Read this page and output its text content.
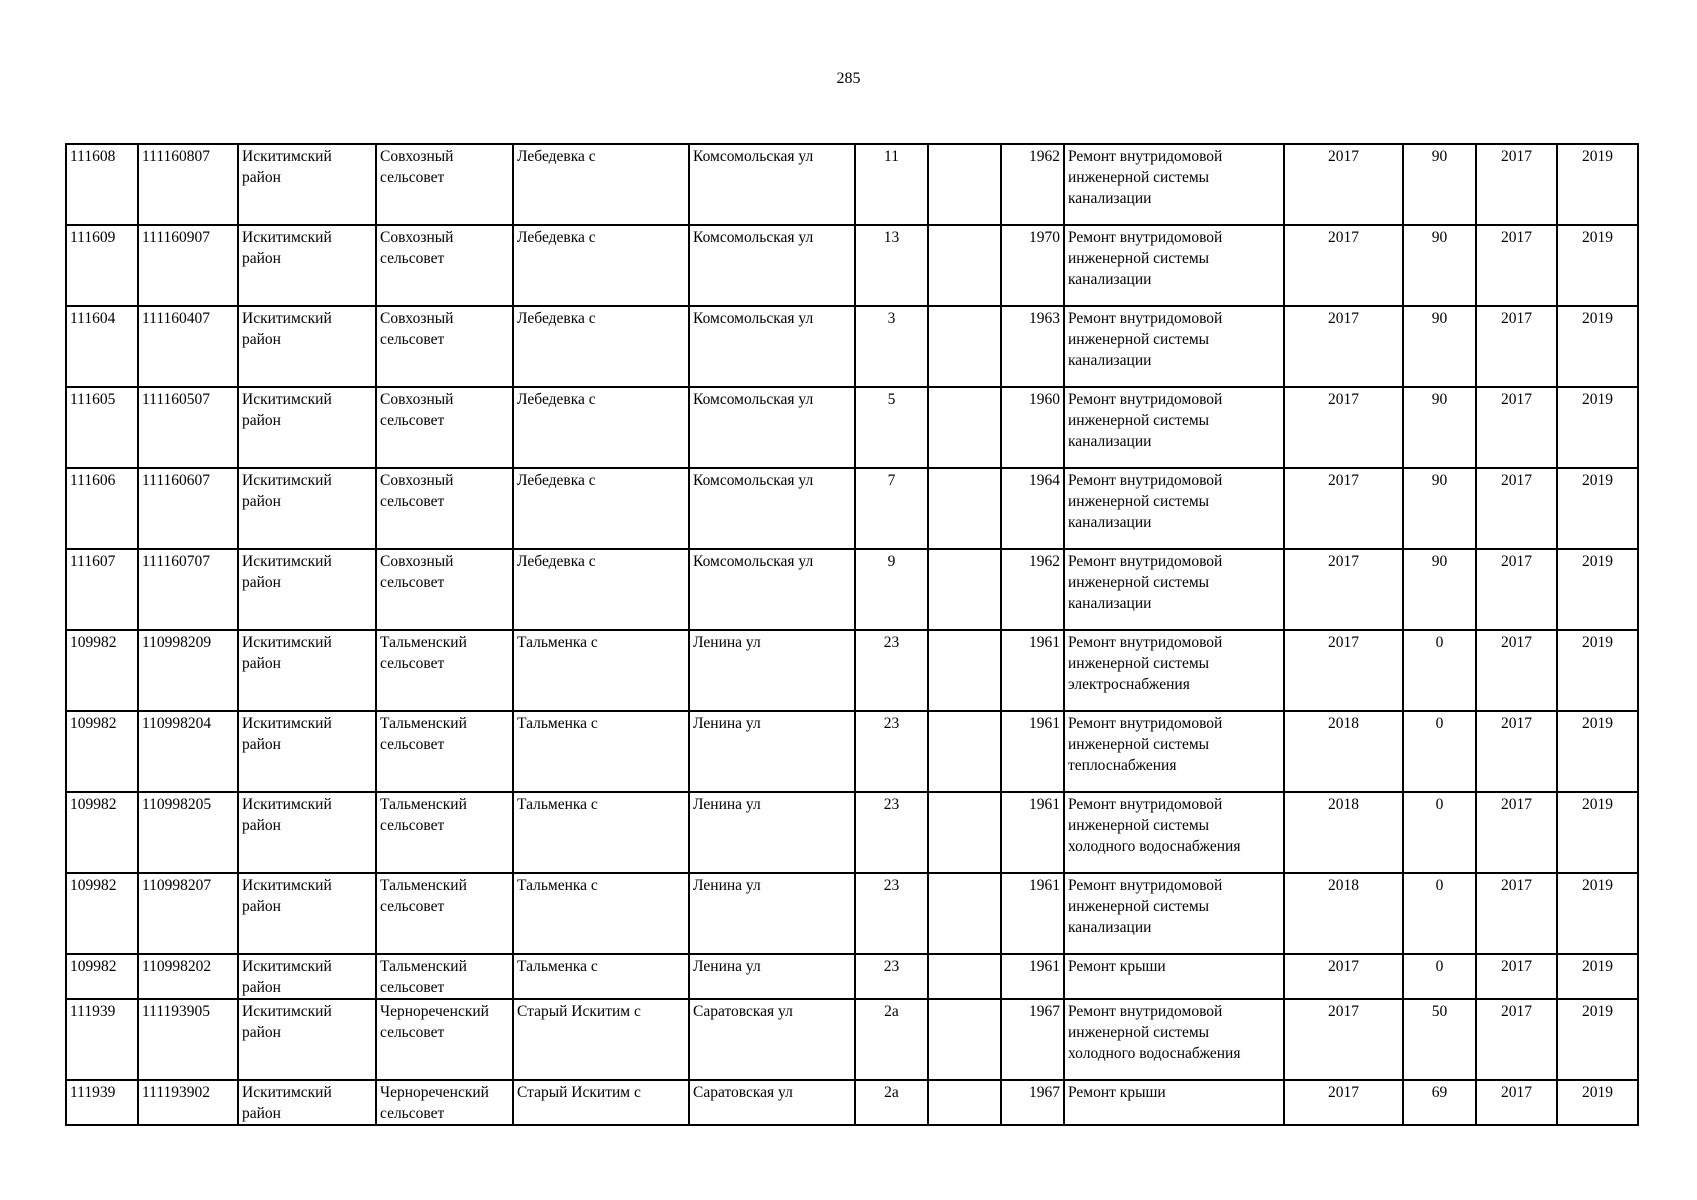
285
111608	111160807	Искитимский район	Совхозный сельсовет	Лебедевка с	Комсомольская ул	11		1962	Ремонт внутридомовой инженерной системы канализации	2017	90	2017	2019
111609	111160907	Искитимский район	Совхозный сельсовет	Лебедевка с	Комсомольская ул	13		1970	Ремонт внутридомовой инженерной системы канализации	2017	90	2017	2019
111604	111160407	Искитимский район	Совхозный сельсовет	Лебедевка с	Комсомольская ул	3		1963	Ремонт внутридомовой инженерной системы канализации	2017	90	2017	2019
111605	111160507	Искитимский район	Совхозный сельсовет	Лебедевка с	Комсомольская ул	5		1960	Ремонт внутридомовой инженерной системы канализации	2017	90	2017	2019
111606	111160607	Искитимский район	Совхозный сельсовет	Лебедевка с	Комсомольская ул	7		1964	Ремонт внутридомовой инженерной системы канализации	2017	90	2017	2019
111607	111160707	Искитимский район	Совхозный сельсовет	Лебедевка с	Комсомольская ул	9		1962	Ремонт внутридомовой инженерной системы канализации	2017	90	2017	2019
109982	110998209	Искитимский район	Тальменский сельсовет	Тальменка с	Ленина ул	23		1961	Ремонт внутридомовой инженерной системы электроснабжения	2017	0	2017	2019
109982	110998204	Искитимский район	Тальменский сельсовет	Тальменка с	Ленина ул	23		1961	Ремонт внутридомовой инженерной системы теплоснабжения	2018	0	2017	2019
109982	110998205	Искитимский район	Тальменский сельсовет	Тальменка с	Ленина ул	23		1961	Ремонт внутридомовой инженерной системы холодного водоснабжения	2018	0	2017	2019
109982	110998207	Искитимский район	Тальменский сельсовет	Тальменка с	Ленина ул	23		1961	Ремонт внутридомовой инженерной системы канализации	2018	0	2017	2019
109982	110998202	Искитимский район	Тальменский сельсовет	Тальменка с	Ленина ул	23		1961	Ремонт крыши	2017	0	2017	2019
111939	111193905	Искитимский район	Чернореченский сельсовет	Старый Искитим с	Саратовская ул	2а		1967	Ремонт внутридомовой инженерной системы холодного водоснабжения	2017	50	2017	2019
111939	111193902	Искитимский район	Чернореченский сельсовет	Старый Искитим с	Саратовская ул	2а		1967	Ремонт крыши	2017	69	2017	2019
